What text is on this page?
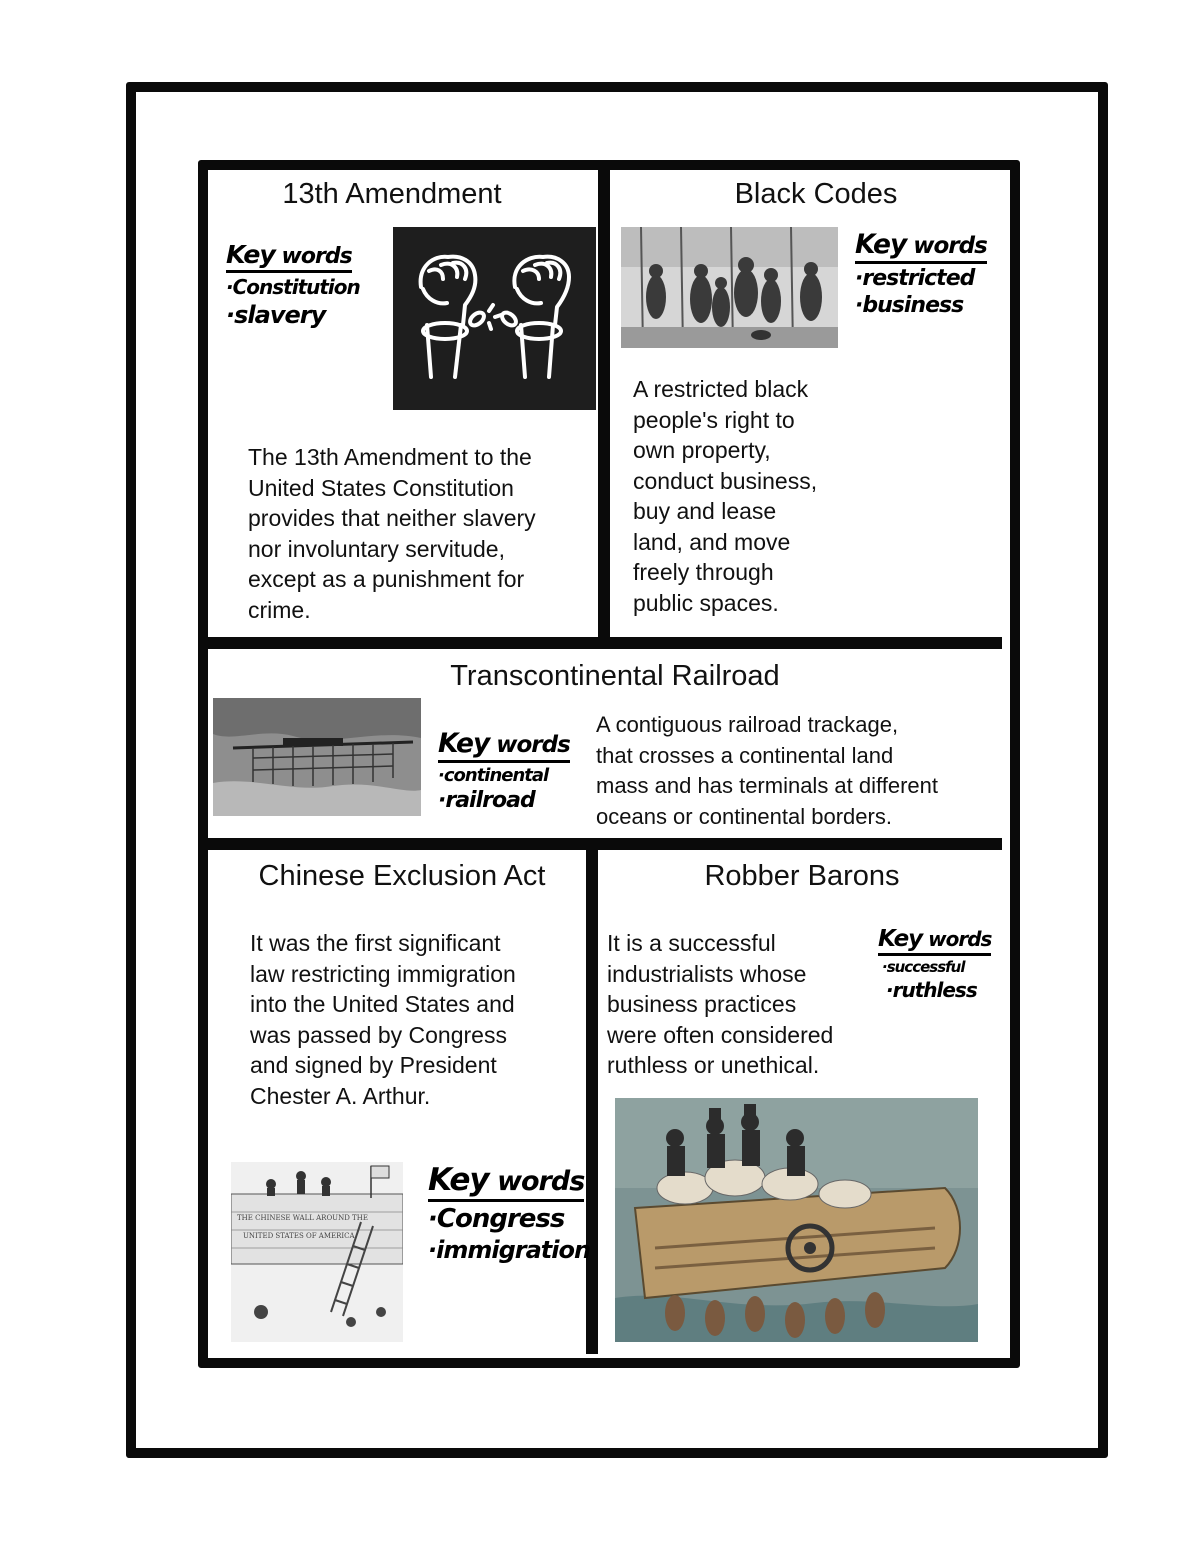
13th Amendment
Key words
·Constitution
·slavery
The 13th Amendment to the
United States Constitution
provides that neither slavery
nor involuntary servitude,
except as a punishment for
crime.
Black Codes
Key words
·restricted
·business
A restricted black
people's right to
own property,
conduct business,
buy and lease
land, and move
freely through
public spaces.
Transcontinental Railroad
Key words
·continental
·railroad
A contiguous railroad trackage,
that crosses a continental land
mass and has terminals at different
oceans or continental borders.
Chinese Exclusion Act
It was the first significant
law restricting immigration
into the United States and
was passed by Congress
and signed by President
Chester A. Arthur.
THE CHINESE WALL AROUND THE
UNITED STATES OF AMERICA
Key words
·Congress
·immigration
Robber Barons
It is a successful
industrialists whose
business practices
were often considered
ruthless or unethical.
Key words
·successful
·ruthless
